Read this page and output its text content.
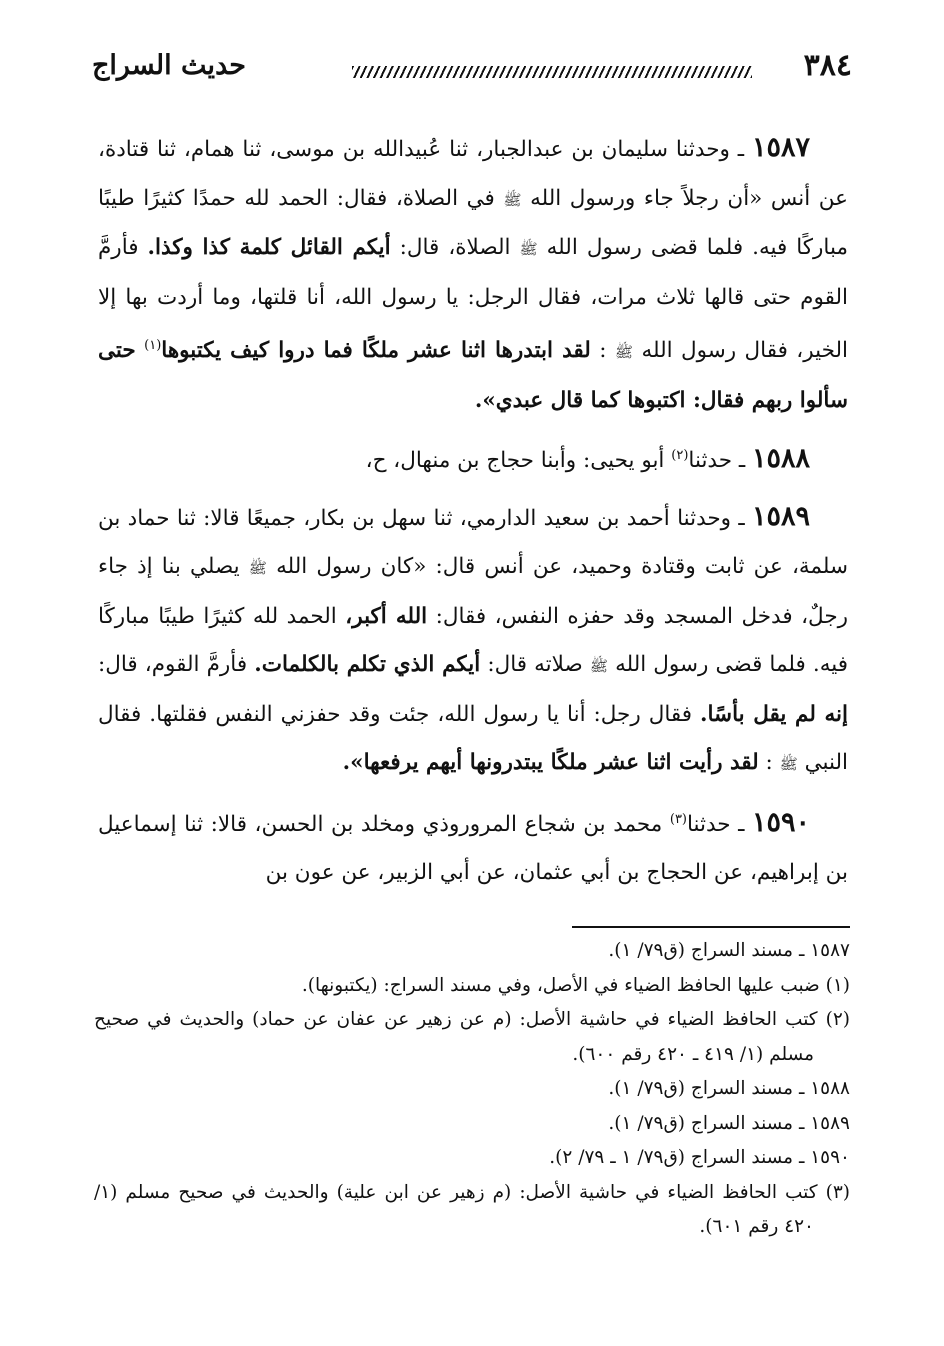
٣٨٤
حديث السراج

١٥٨٧ ـ وحدثنا سليمان بن عبدالجبار، ثنا عُبيدالله بن موسى، ثنا همام، ثنا قتادة، عن أنس «أن رجلاً جاء ورسول الله ﷺ في الصلاة، فقال: الحمد لله حمدًا كثيرًا طيبًا مباركًا فيه. فلما قضى رسول الله ﷺ الصلاة، قال: أيكم القائل كلمة كذا وكذا. فأرمَّ القوم حتى قالها ثلاث مرات، فقال الرجل: يا رسول الله، أنا قلتها، وما أردت بها إلا الخير، فقال رسول الله ﷺ : لقد ابتدرها اثنا عشر ملكًا فما دروا كيف يكتبوها$^{(١)}$ حتى سألوا ربهم فقال: اكتبوها كما قال عبدي».

١٥٨٨ ـ حدثنا$^{(٢)}$ أبو يحيى: وأبنا حجاج بن منهال، ح،

١٥٨٩ ـ وحدثنا أحمد بن سعيد الدارمي، ثنا سهل بن بكار، جميعًا قالا: ثنا حماد بن سلمة، عن ثابت وقتادة وحميد، عن أنس قال: «كان رسول الله ﷺ يصلي بنا إذ جاء رجلٌ، فدخل المسجد وقد حفزه النفس، فقال: الله أكبر، الحمد لله كثيرًا طيبًا مباركًا فيه. فلما قضى رسول الله ﷺ صلاته قال: أيكم الذي تكلم بالكلمات. فأرمَّ القوم، قال: إنه لم يقل بأسًا. فقال رجل: أنا يا رسول الله، جئت وقد حفزني النفس فقلتها. فقال النبي ﷺ : لقد رأيت اثنا عشر ملكًا يبتدرونها أيهم يرفعها».

١٥٩٠ ـ حدثنا$^{(٣)}$ محمد بن شجاع المروروذي ومخلد بن الحسن، قالا: ثنا إسماعيل بن إبراهيم، عن الحجاج بن أبي عثمان، عن أبي الزبير، عن عون بن

١٥٨٧ ـ مسند السراج (ق٧٩/ ١).

(١) ضبب عليها الحافظ الضياء في الأصل، وفي مسند السراج: (يكتبونها).

(٢) كتب الحافظ الضياء في حاشية الأصل: (م عن زهير عن عفان عن حماد) والحديث في صحيح مسلم (١/ ٤١٩ ـ ٤٢٠ رقم ٦٠٠).

١٥٨٨ ـ مسند السراج (ق٧٩/ ١).

١٥٨٩ ـ مسند السراج (ق٧٩/ ١).

١٥٩٠ ـ مسند السراج (ق٧٩/ ١ ـ ٧٩/ ٢).

(٣) كتب الحافظ الضياء في حاشية الأصل: (م زهير عن ابن علية) والحديث في صحيح مسلم (١/ ٤٢٠ رقم ٦٠١).
